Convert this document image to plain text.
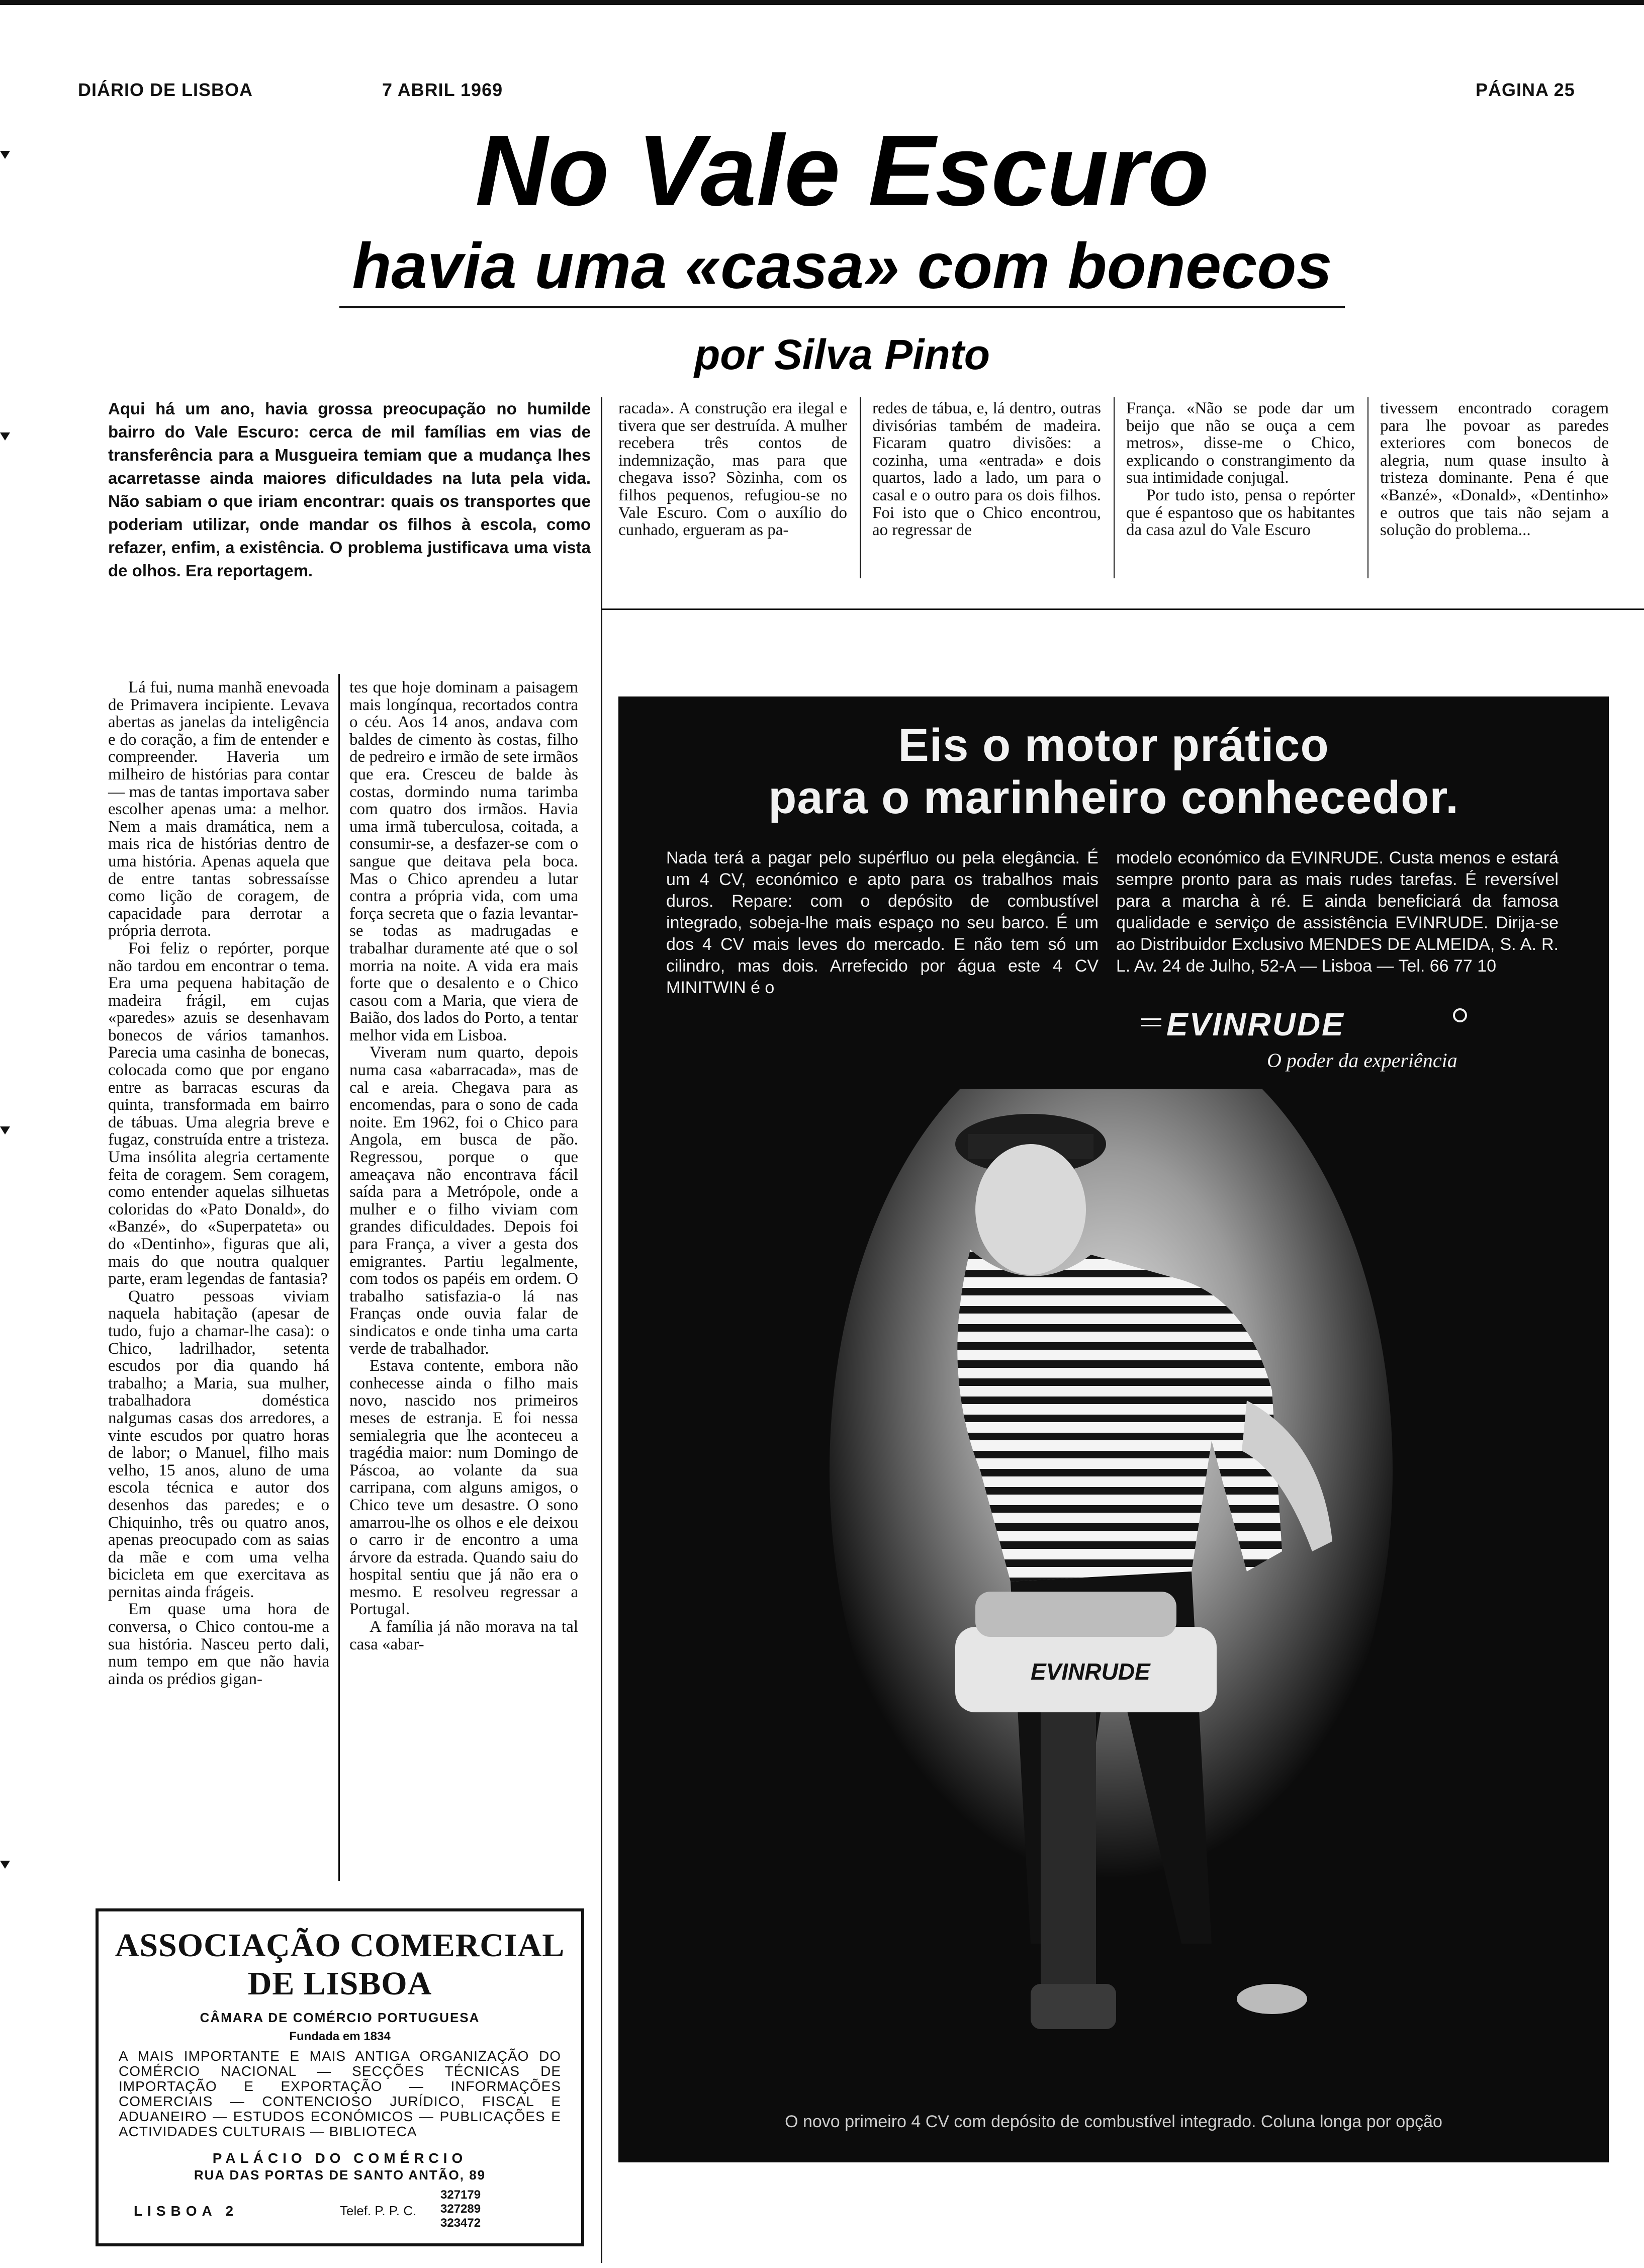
DIÁRIO DE LISBOA	7 ABRIL 1969	PÁGINA 25
No Vale Escuro
havia uma «casa» com bonecos
por Silva Pinto
Aqui há um ano, havia grossa preocupação no humilde bairro do Vale Escuro: cerca de mil famílias em vias de transferência para a Musgueira temiam que a mudança lhes acarretasse ainda maiores dificuldades na luta pela vida. Não sabiam o que iriam encontrar: quais os transportes que poderiam utilizar, onde mandar os filhos à escola, como refazer, enfim, a existência. O problema justificava uma vista de olhos. Era reportagem.

Lá fui, numa manhã enevoada de Primavera incipiente. Levava abertas as janelas da inteligência e do coração, a fim de entender e compreender. Haveria um milheiro de histórias para contar — mas de tantas importava saber escolher apenas uma: a melhor. Nem a mais dramática, nem a mais rica de histórias dentro de uma história. Apenas aquela que de entre tantas sobressaísse como lição de coragem, de capacidade para derrotar a própria derrota.

Foi feliz o repórter, porque não tardou em encontrar o tema. Era uma pequena habitação de madeira frágil, em cujas «paredes» azuis se desenhavam bonecos de vários tamanhos. Parecia uma casinha de bonecas, colocada como que por engano entre as barracas escuras da quinta, transformada em bairro de tábuas. Uma alegria breve e fugaz, construída entre a tristeza. Uma insólita alegria certamente feita de coragem. Sem coragem, como entender aquelas silhuetas coloridas do «Pato Donald», do «Banzé», do «Superpateta» ou do «Dentinho», figuras que ali, mais do que noutra qualquer parte, eram legendas de fantasia?

Quatro pessoas viviam naquela habitação (apesar de tudo, fujo a chamar-lhe casa): o Chico, ladrilhador, setenta escudos por dia quando há trabalho; a Maria, sua mulher, trabalhadora doméstica nalgumas casas dos arredores, a vinte escudos por quatro horas de labor; o Manuel, filho mais velho, 15 anos, aluno de uma escola técnica e autor dos desenhos das paredes; e o Chiquinho, três ou quatro anos, apenas preocupado com as saias da mãe e com uma velha bicicleta em que exercitava as pernitas ainda frágeis.

Em quase uma hora de conversa, o Chico contou-me a sua história. Nasceu perto dali, num tempo em que não havia ainda os prédios gigan-

tes que hoje dominam a paisagem mais longínqua, recortados contra o céu. Aos 14 anos, andava com baldes de cimento às costas, filho de pedreiro e irmão de sete irmãos que era. Cresceu de balde às costas, dormindo numa tarimba com quatro dos irmãos. Havia uma irmã tuberculosa, coitada, a consumir-se, a desfazer-se com o sangue que deitava pela boca. Mas o Chico aprendeu a lutar contra a própria vida, com uma força secreta que o fazia levantar-se todas as madrugadas e trabalhar duramente até que o sol morria na noite. A vida era mais forte que o desalento e o Chico casou com a Maria, que viera de Baião, dos lados do Porto, a tentar melhor vida em Lisboa.

Viveram num quarto, depois numa casa «abarracada», mas de cal e areia. Chegava para as encomendas, para o sono de cada noite. Em 1962, foi o Chico para Angola, em busca de pão. Regressou, porque o que ameaçava não encontrava fácil saída para a Metrópole, onde a mulher e o filho viviam com grandes dificuldades. Depois foi para França, a viver a gesta dos emigrantes. Partiu legalmente, com todos os papéis em ordem. O trabalho satisfazia-o lá nas Franças onde ouvia falar de sindicatos e onde tinha uma carta verde de trabalhador.

Estava contente, embora não conhecesse ainda o filho mais novo, nascido nos primeiros meses de estranja. E foi nessa semialegria que lhe aconteceu a tragédia maior: num Domingo de Páscoa, ao volante da sua carripana, com alguns amigos, o Chico teve um desastre. O sono amarrou-lhe os olhos e ele deixou o carro ir de encontro a uma árvore da estrada. Quando saiu do hospital sentiu que já não era o mesmo. E resolveu regressar a Portugal.

A família já não morava na tal casa «abar-

racada». A construção era ilegal e tivera que ser destruída. A mulher recebera três contos de indemnização, mas para que chegava isso? Sòzinha, com os filhos pequenos, refugiou-se no Vale Escuro. Com o auxílio do cunhado, ergueram as pa-

redes de tábua, e, lá dentro, outras divisórias também de madeira. Ficaram quatro divisões: a cozinha, uma «entrada» e dois quartos, lado a lado, um para o casal e o outro para os dois filhos. Foi isto que o Chico encontrou, ao regressar de

França. «Não se pode dar um beijo que não se ouça a cem metros», disse-me o Chico, explicando o constrangimento da sua intimidade conjugal.

Por tudo isto, pensa o repórter que é espantoso que os habitantes da casa azul do Vale Escuro

tivessem encontrado coragem para lhe povoar as paredes exteriores com bonecos de alegria, num quase insulto à tristeza dominante. Pena é que «Banzé», «Donald», «Dentinho» e outros que tais não sejam a solução do problema...

Eis o motor prático
para o marinheiro conhecedor.
Nada terá a pagar pelo supérfluo ou pela elegância. É um 4 CV, económico e apto para os trabalhos mais duros. Repare: com o depósito de combustível integrado, sobeja-lhe mais espaço no seu barco. É um dos 4 CV mais leves do mercado. E não tem só um cilindro, mas dois. Arrefecido por água este 4 CV MINITWIN é o
modelo económico da EVINRUDE. Custa menos e estará sempre pronto para as mais rudes tarefas. É reversível para a marcha à ré. E ainda beneficiará da famosa qualidade e serviço de assistência EVINRUDE. Dirija-se ao Distribuidor Exclusivo MENDES DE ALMEIDA, S. A. R. L. Av. 24 de Julho, 52-A — Lisboa — Tel. 66 77 10
EVINRUDE
O poder da experiência
EVINRUDE
O novo primeiro 4 CV com depósito de combustível integrado. Coluna longa por opção
ASSOCIAÇÃO COMERCIAL DE LISBOA
CÂMARA DE COMÉRCIO PORTUGUESA
Fundada em 1834
A MAIS IMPORTANTE E MAIS ANTIGA ORGANIZAÇÃO DO COMÉRCIO NACIONAL — SECÇÕES TÉCNICAS DE IMPORTAÇÃO E EXPORTAÇÃO — INFORMAÇÕES COMERCIAIS — CONTENCIOSO JURÍDICO, FISCAL E ADUANEIRO — ESTUDOS ECONÓMICOS — PUBLICAÇÕES E ACTIVIDADES CULTURAIS — BIBLIOTECA
PALÁCIO DO COMÉRCIO
RUA DAS PORTAS DE SANTO ANTÃO, 89
LISBOA 2	Telef. P. P. C.
327179
327289
323472
